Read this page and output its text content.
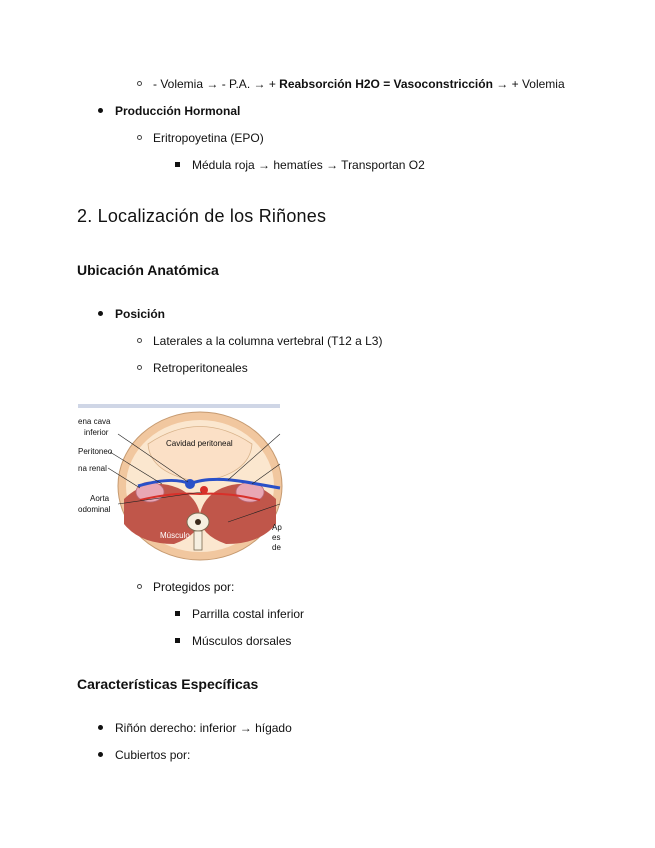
- Volemia → - P.A. → + Reabsorción H2O = Vasoconstricción → + Volemia
Producción Hormonal
Eritropoyetina (EPO)
Médula roja → hematíes → Transportan O2
2. Localización de los Riñones
Ubicación Anatómica
Posición
Laterales a la columna vertebral (T12 a L3)
Retroperitoneales
ena cava
inferior
Peritoneo
na renal
Aorta
odominal
Cavidad peritoneal
Músculo
Ap
es
de
Protegidos por:
Parrilla costal inferior
Músculos dorsales
Características Específicas
Riñón derecho: inferior → hígado
Cubiertos por:
